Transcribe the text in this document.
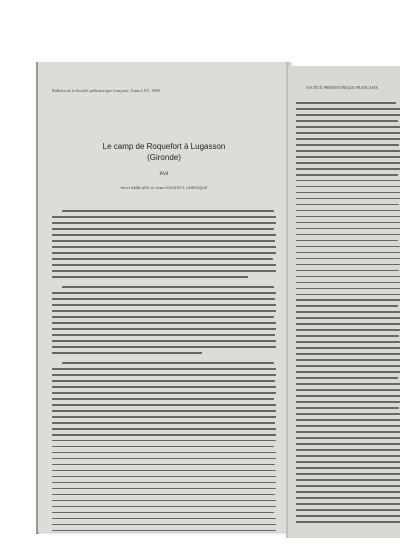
Bulletin de la Société préhistorique française, Tome LXV, 1968.
Le camp de Roquefort à Lugasson
(Gironde)
PAR
Henri AMBLARD et Jean ROUSSOT-LARROQUE
SOCIÉTÉ PRÉHISTORIQUE FRANÇAISE
